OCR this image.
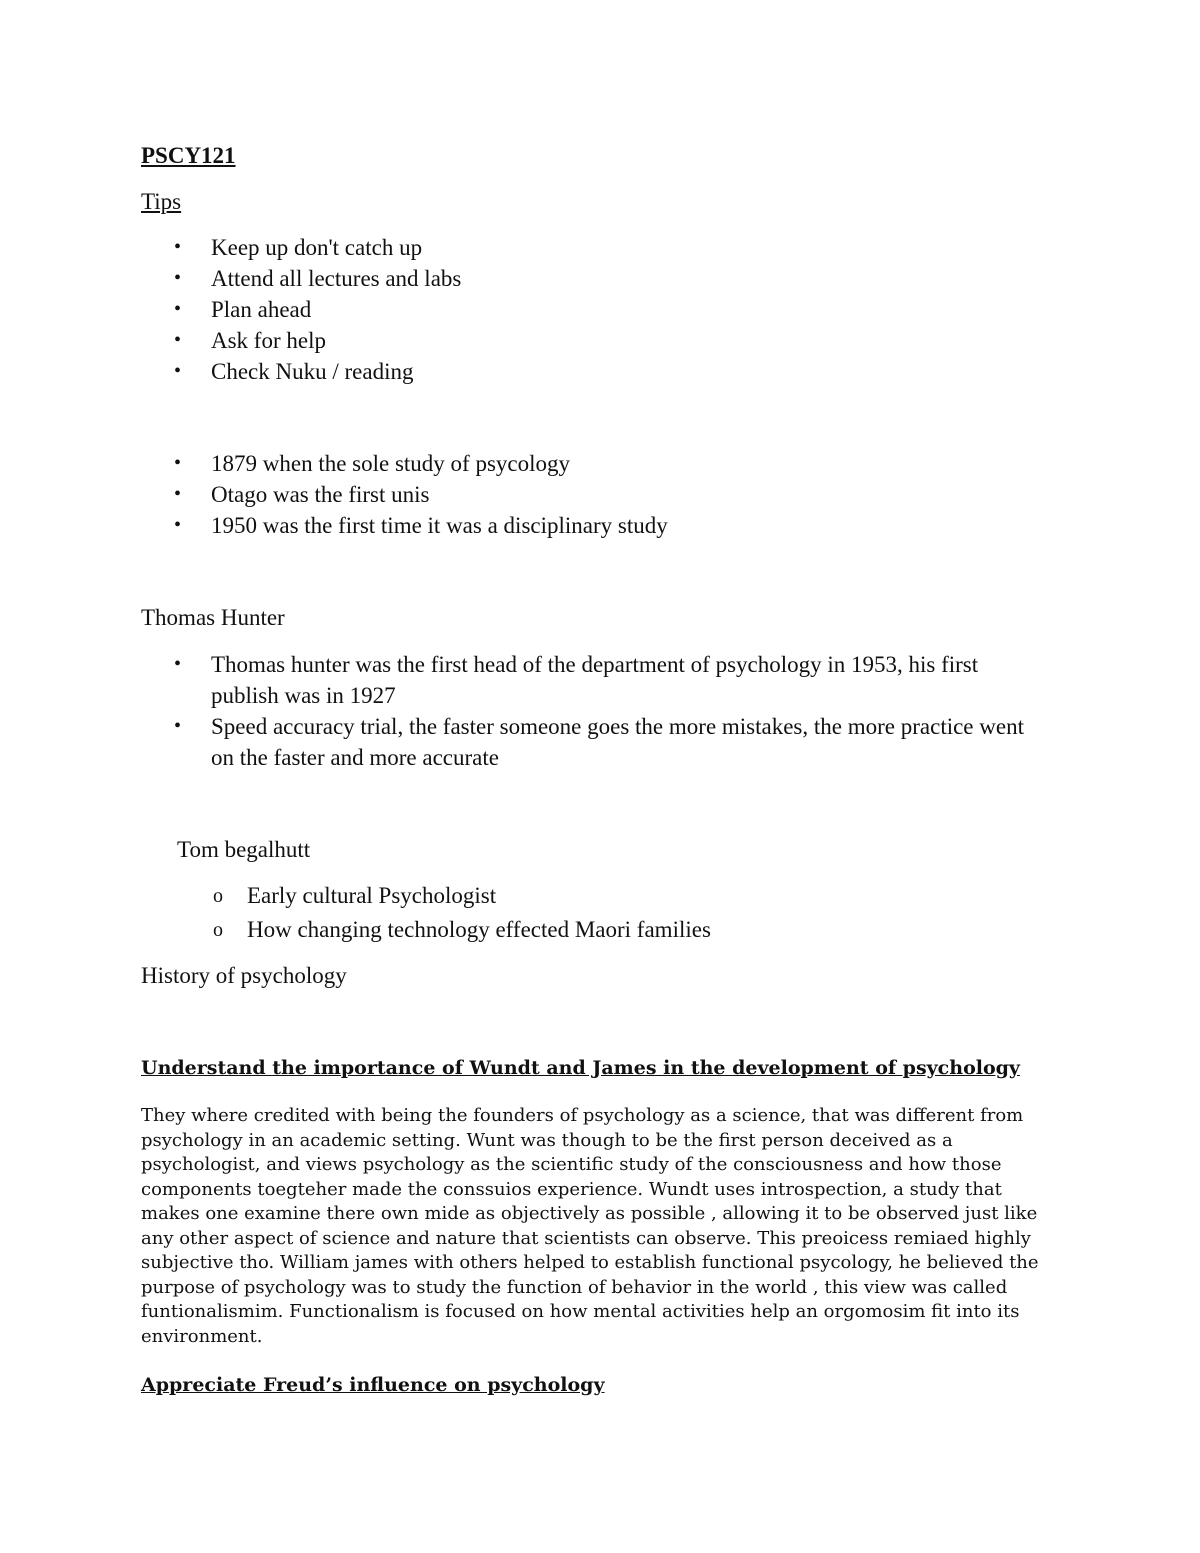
PSCY121
Tips
•	Keep up don't catch up
•	Attend all lectures and labs
•	Plan ahead
•	Ask for help
•	Check Nuku / reading
•	1879 when the sole study of psycology
•	Otago was the first unis
•	1950 was the first time it was a disciplinary study
Thomas Hunter
•	Thomas hunter was the first head of the department of psychology in 1953, his first publish was in 1927
•	Speed accuracy trial, the faster someone goes the more mistakes, the more practice went on the faster and more accurate
Tom begalhutt
o	Early cultural Psychologist
o	How changing technology effected Maori families
History of psychology
Understand the importance of Wundt and James in the development of psychology

They where credited with being the founders of psychology as a science, that was different from psychology in an academic setting. Wunt was though to be the first person deceived as a psychologist, and views psychology as the scientific study of the consciousness and how those components toegteher made the conssuios experience. Wundt uses introspection, a study that makes one examine there own mide as objectively as possible , allowing it to be observed just like any other aspect of science and nature that scientists can observe. This preoicess remiaed highly subjective tho. William james with others helped to establish functional psycology, he believed the purpose of psychology was to study the function of behavior in the world , this view was called funtionalismim. Functionalism is focused on how mental activities help an orgomosim fit into its environment.

Appreciate Freud’s influence on psychology
